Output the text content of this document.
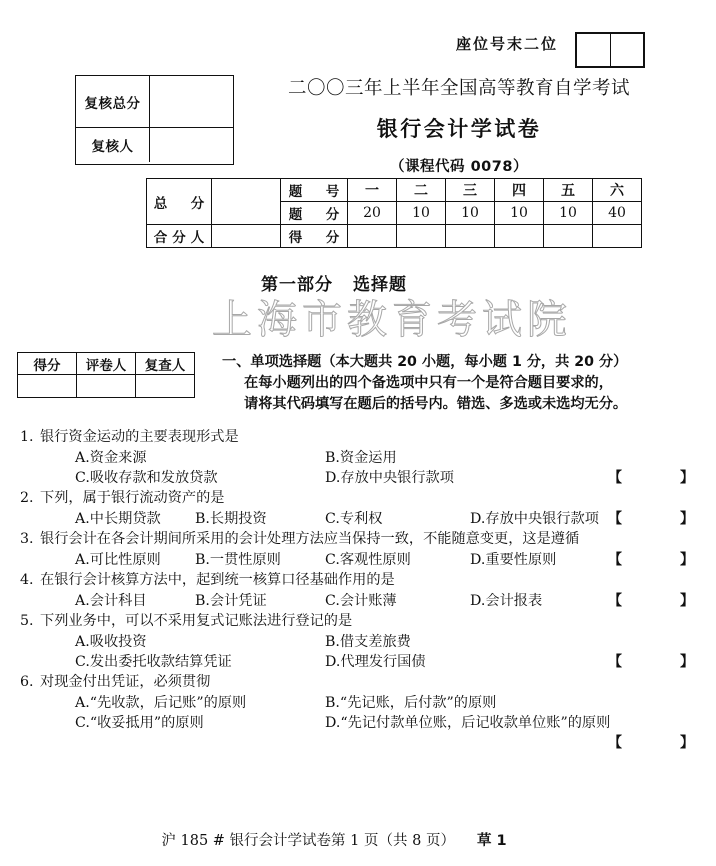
座位号末二位
复核总分
复核人
二〇〇三年上半年全国高等教育自学考试
银行会计学试卷
（课程代码 0078）
总　分		题　号	一	二	三	四	五	六
		题　分	20	10	10	10	10	40
合分人		得　分						
第一部分 选择题
上海市教育考试院
得分	评卷人	复查人
			一、单项选择题（本大题共 20 小题，每小题 1 分，共 20 分）
在每小题列出的四个备选项中只有一个是符合题目要求的，
请将其代码填写在题后的括号内。错选、多选或未选均无分。
1. 银行资金运动的主要表现形式是
A.资金来源	B.资金运用
C.吸收存款和发放贷款	D.存放中央银行款项	【　】
2. 下列，属于银行流动资产的是
A.中长期贷款 B.长期投资	C.专利权	D.存放中央银行款项 【　】
3. 银行会计在各会计期间所采用的会计处理方法应当保持一致，不能随意变更，这是遵循
A.可比性原则 B.一贯性原则	C.客观性原则	D.重要性原则	【　】
4. 在银行会计核算方法中，起到统一核算口径基础作用的是
A.会计科目	B.会计凭证	C.会计账薄	D.会计报表	【　】
5. 下列业务中，可以不采用复式记账法进行登记的是
A.吸收投资	B.借支差旅费
C.发出委托收款结算凭证	D.代理发行国债	【　】
6. 对现金付出凭证，必须贯彻
A.“先收款，后记账”的原则	B.“先记账，后付款”的原则
C.“收妥抵用”的原则	D.“先记付款单位账，后记收款单位账”的原则
【　】
沪 185 # 银行会计学试卷第 1 页（共 8 页） 草 1
